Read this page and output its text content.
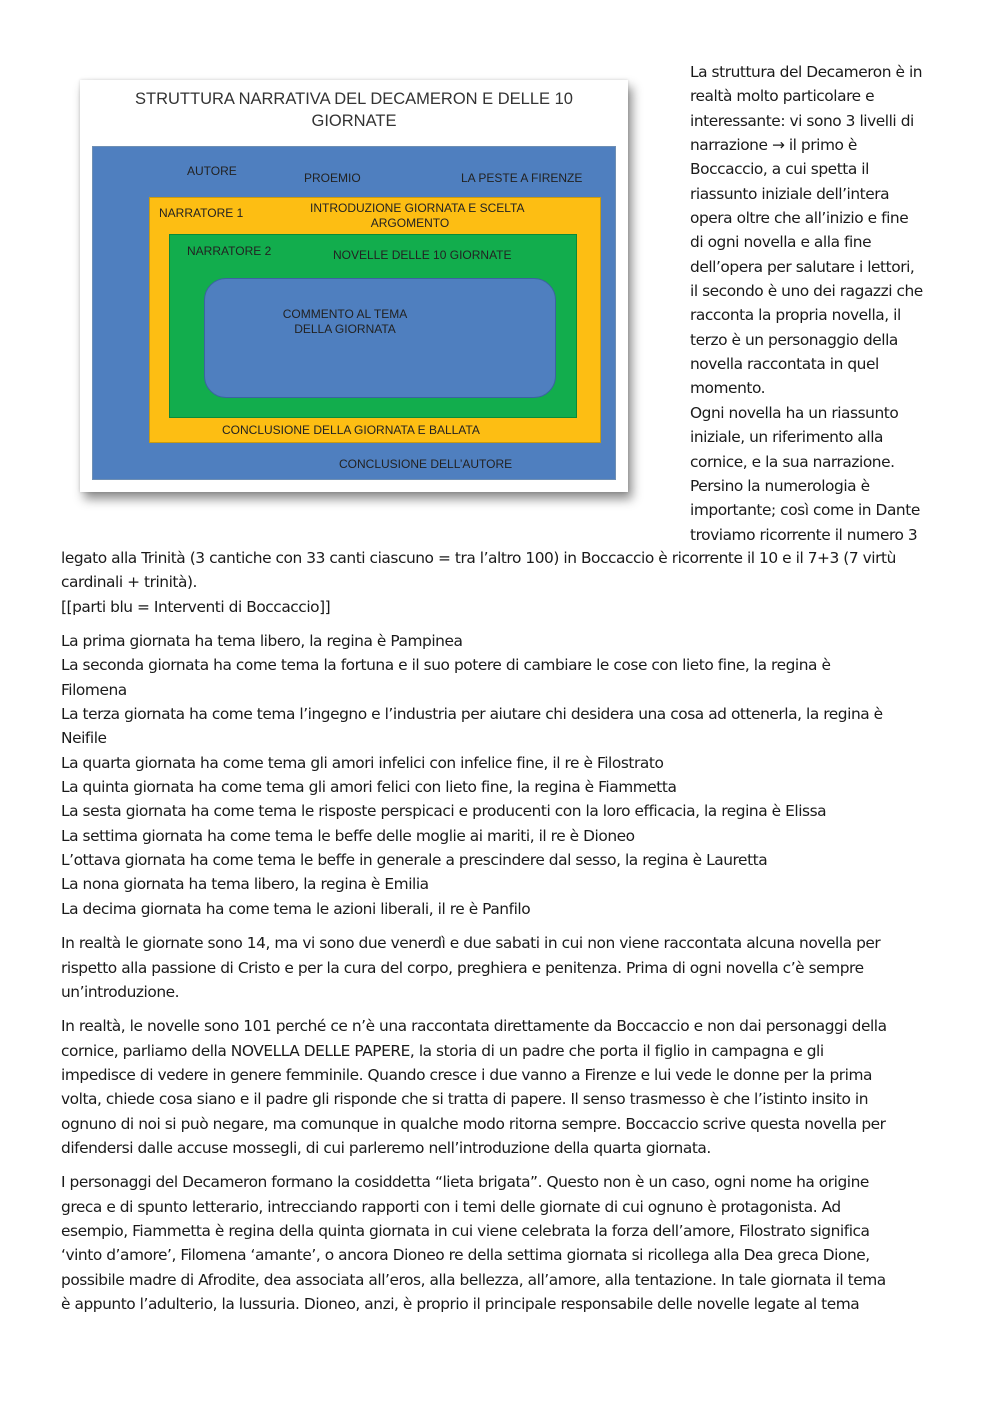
STRUTTURA NARRATIVA DEL DECAMERON E DELLE 10
GIORNATE
AUTORE	PROEMIO	LA PESTE A FIRENZE
NARRATORE 1	INTRODUZIONE GIORNATA E SCELTA
ARGOMENTO
NARRATORE 2	NOVELLE DELLE 10 GIORNATE
COMMENTO AL TEMA
DELLA GIORNATA
CONCLUSIONE DELLA GIORNATA E BALLATA
CONCLUSIONE DELL’AUTORE
La struttura del Decameron è in
realtà molto particolare e
interessante: vi sono 3 livelli di
narrazione → il primo è
Boccaccio, a cui spetta il
riassunto iniziale dell’intera
opera oltre che all’inizio e fine
di ogni novella e alla fine
dell’opera per salutare i lettori,
il secondo è uno dei ragazzi che
racconta la propria novella, il
terzo è un personaggio della
novella raccontata in quel
momento.
Ogni novella ha un riassunto
iniziale, un riferimento alla
cornice, e la sua narrazione.
Persino la numerologia è
importante; così come in Dante
troviamo ricorrente il numero 3

legato alla Trinità (3 cantiche con 33 canti ciascuno = tra l’altro 100) in Boccaccio è ricorrente il 10 e il 7+3 (7 virtù
cardinali + trinità).
[[parti blu = Interventi di Boccaccio]]

La prima giornata ha tema libero, la regina è Pampinea
La seconda giornata ha come tema la fortuna e il suo potere di cambiare le cose con lieto fine, la regina è
Filomena
La terza giornata ha come tema l’ingegno e l’industria per aiutare chi desidera una cosa ad ottenerla, la regina è
Neifile
La quarta giornata ha come tema gli amori infelici con infelice fine, il re è Filostrato
La quinta giornata ha come tema gli amori felici con lieto fine, la regina è Fiammetta
La sesta giornata ha come tema le risposte perspicaci e producenti con la loro efficacia, la regina è Elissa
La settima giornata ha come tema le beffe delle moglie ai mariti, il re è Dioneo
L’ottava giornata ha come tema le beffe in generale a prescindere dal sesso, la regina è Lauretta
La nona giornata ha tema libero, la regina è Emilia
La decima giornata ha come tema le azioni liberali, il re è Panfilo

In realtà le giornate sono 14, ma vi sono due venerdì e due sabati in cui non viene raccontata alcuna novella per
rispetto alla passione di Cristo e per la cura del corpo, preghiera e penitenza. Prima di ogni novella c’è sempre
un’introduzione.

In realtà, le novelle sono 101 perché ce n’è una raccontata direttamente da Boccaccio e non dai personaggi della
cornice, parliamo della NOVELLA DELLE PAPERE, la storia di un padre che porta il figlio in campagna e gli
impedisce di vedere in genere femminile. Quando cresce i due vanno a Firenze e lui vede le donne per la prima
volta, chiede cosa siano e il padre gli risponde che si tratta di papere. Il senso trasmesso è che l’istinto insito in
ognuno di noi si può negare, ma comunque in qualche modo ritorna sempre. Boccaccio scrive questa novella per
difendersi dalle accuse mossegli, di cui parleremo nell’introduzione della quarta giornata.

I personaggi del Decameron formano la cosiddetta “lieta brigata”. Questo non è un caso, ogni nome ha origine
greca e di spunto letterario, intrecciando rapporti con i temi delle giornate di cui ognuno è protagonista. Ad
esempio, Fiammetta è regina della quinta giornata in cui viene celebrata la forza dell’amore, Filostrato significa
‘vinto d’amore’, Filomena ‘amante’, o ancora Dioneo re della settima giornata si ricollega alla Dea greca Dione,
possibile madre di Afrodite, dea associata all’eros, alla bellezza, all’amore, alla tentazione. In tale giornata il tema
è appunto l’adulterio, la lussuria. Dioneo, anzi, è proprio il principale responsabile delle novelle legate al tema
